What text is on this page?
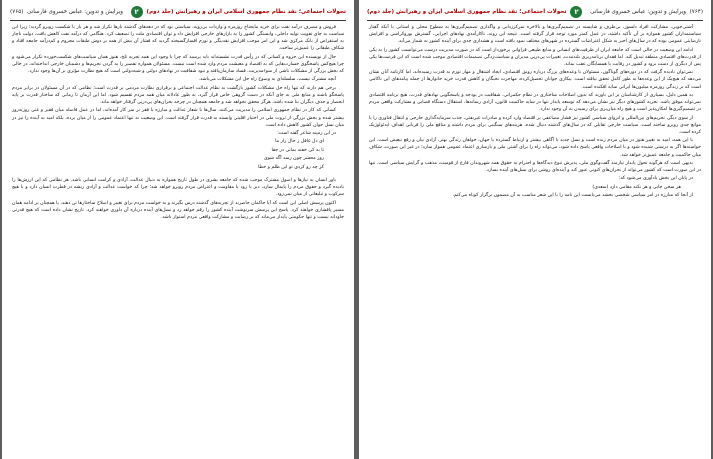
تحولات اجتماعی؛ نقد نظام جمهوری اسلامی ایران و رهبرانش (جلد دوم)
۲
ویرایش و تدوین: عباس خسروی فارسانی
(۷۶۵)

فروش و مصرف درآمد نفت برای خرید مایحتاج روزمره و واردات بی‌رویه، سیاستی بود که در دهه‌های گذشته بارها تکرار شد و هر بار با شکست روبرو گردید؛ زیرا این سیاست به جای تقویت تولید داخلی، وابستگی کشور را به بازارهای خارجی افزایش داد و توان اقتصادی ملت را تضعیف کرد. هنگامی که درآمد نفت کاهش یافت، دولت ناچار به استقراض از بانک مرکزی شد و این امر موجب افزایش نقدینگی و تورم افسارگسیخته گردید که فشار آن بیش از همه بر دوش طبقات محروم و کم‌درآمد جامعه افتاد و شکاف طبقاتی را عمیق‌تر ساخت.

حال از نویسنده این جزوه و کسانی که در رأس قدرت نشسته‌اند باید پرسید که چرا با وجود این همه تجربه تلخ، هنوز همان سیاست‌های شکست‌خورده تکرار می‌شود و چرا هیچ‌کس پاسخگوی خسارت‌هایی که به اقتصاد و معیشت مردم وارد شده است نیست. مسئولان همواره تقصیر را به گردن تحریم‌ها و دشمنان خارجی انداخته‌اند، در حالی که بخش بزرگی از مشکلات ناشی از سوءمدیریت، فساد سازمان‌یافته و نبود شفافیت در نهادهای دولتی و شبه‌دولتی است که هیچ نظارت مؤثری بر آن‌ها وجود ندارد.

آنچه مشترک نیست، سلسله‌ای به وضوح راه حل این مشکلات می‌باشد.

برخی هم دارند که تنها راه حل مشکلات کشور بازگشت به نظام عدالت اجتماعی و برقراری نظارت مردمی بر قدرت است؛ نظامی که در آن مسئولان در برابر مردم پاسخگو باشند و منابع ملی به جای آنکه در دست گروهی خاص قرار گیرد، به طور عادلانه میان همه مردم تقسیم شود. اما این آرمان تا زمانی که ساختار قدرت بر پایه انحصار و حذف دیگران بنا شده باشد، هرگز محقق نخواهد شد و جامعه همچنان در چرخه بحران‌های پی‌درپی گرفتار خواهد ماند.

کسانی که کار در نظام جمهوری اسلامی را مدیریت می‌کنند، سال‌ها با شعار عدالت و مبارزه با فقر بر سر کار آمده‌اند، اما در عمل فاصله میان فقیر و غنی روزبه‌روز بیشتر شده و بخش بزرگی از ثروت ملی در اختیار اقلیتی وابسته به قدرت قرار گرفته است. این وضعیت نه تنها اعتماد عمومی را از میان برده، بلکه امید به آینده را نیز در میان نسل جوان کشور کاهش داده است.

در این زمینه شاعر گفته است:

ای دل غافل ز حال زار ما

تا به کی خفته بمانی در جفا

روز محشر چون رسد آگه شوی

کز چه رو کردی تو این ظلم و خطا

باور انسان به نیازها و اصول مشترک موجب شده که جامعه بشری در طول تاریخ همواره به دنبال عدالت، آزادی و کرامت انسانی باشد. هر نظامی که این ارزش‌ها را نادیده گیرد و حقوق مردم را پایمال سازد، دیر یا زود با مقاومت و اعتراض مردم روبرو خواهد شد؛ چرا که خواست عدالت و آزادی ریشه در فطرت انسان دارد و با هیچ سرکوب و تبلیغاتی از میان نمی‌رود.

اکنون پرسش اصلی این است که آیا حاکمان حاضرند از تجربه‌های گذشته درس بگیرند و به خواست مردم برای تغییر و اصلاح ساختارها تن دهند، یا همچنان بر ادامه همان مسیر پافشاری خواهند کرد. پاسخ این پرسش سرنوشت آینده کشور را رقم خواهد زد و نسل‌های آینده درباره آن داوری خواهند کرد. تاریخ نشان داده است که هیچ قدرتی جاودانه نیست و تنها حکومتی پایدار می‌ماند که بر رضایت و مشارکت واقعی مردم استوار باشد.

(۷۶۴)
ویرایش و تدوین: عباس خسروی فارسانی
۲
تحولات اجتماعی؛ نقد نظام جمهوری اسلامی ایران و رهبرانش (جلد دوم)

آشتی‌جویی، مشارکت افراد دلسوز، بی‌طرف و شایسته در تصمیم‌گیری‌ها و بالاخره تمرکززدایی و واگذاری تصمیم‌گیری‌ها به سطوح محلی و استانی با آنکه گفتار سیاستمداران کشور همواره بر آن تأکید داشته، در عمل کمتر مورد توجه قرار گرفته است. نتیجه این روند، ناکارآمدی نهادهای اجرایی، گسترش بوروکراسی و افزایش نارضایتی عمومی بوده که در سال‌های اخیر به شکل اعتراضات گسترده در شهرهای مختلف نمود یافته است و هشداری جدی برای آینده کشور به شمار می‌آید.

ادامه این وضعیت در حالی است که جامعه ایران از ظرفیت‌های انسانی و منابع طبیعی فراوانی برخوردار است که در صورت مدیریت درست می‌توانست کشور را به یکی از قدرت‌های اقتصادی منطقه تبدیل کند. اما فقدان برنامه‌ریزی بلندمدت، تغییرات پی‌درپی مدیران و سیاست‌زدگی تصمیمات اقتصادی موجب شده است که این فرصت‌ها یکی پس از دیگری از دست برود و کشور در رقابت با همسایگان عقب بماند.

نمی‌توان نادیده گرفت که در دوره‌های گوناگون، مسئولان با وعده‌های بزرگ درباره رونق اقتصادی، ایجاد اشتغال و مهار تورم به قدرت رسیده‌اند، اما کارنامه آنان نشان می‌دهد که هیچ‌یک از این وعده‌ها به طور کامل تحقق نیافته است. بیکاری جوانان تحصیل‌کرده، مهاجرت نخبگان و کاهش قدرت خرید خانوارها از جمله پیامدهای این ناکامی است که بر زندگی روزمره میلیون‌ها ایرانی سایه افکنده است.

به همین دلیل، بسیاری از کارشناسان بر این باورند که بدون اصلاحات ساختاری در نظام حکمرانی، شفافیت در بودجه و پاسخگویی نهادهای قدرت، هیچ برنامه اقتصادی نمی‌تواند موفق باشد. تجربه کشورهای دیگر نیز نشان می‌دهد که توسعه پایدار تنها در سایه حاکمیت قانون، آزادی رسانه‌ها، استقلال دستگاه قضایی و مشارکت واقعی مردم در تصمیم‌گیری‌ها امکان‌پذیر است و هیچ راه میان‌بری برای رسیدن به آن وجود ندارد.

از سوی دیگر، تحریم‌های بین‌المللی و انزوای سیاسی کشور نیز فشار مضاعفی بر اقتصاد وارد کرده و صادرات غیرنفتی، جذب سرمایه‌گذاری خارجی و انتقال فناوری را با موانع جدی روبرو ساخته است. سیاست خارجی تقابلی که در سال‌های گذشته دنبال شده، هزینه‌های سنگینی برای مردم داشته و منافع ملی را قربانی اهداف ایدئولوژیک کرده است.

با این همه، امید به تغییر هنوز در میان مردم زنده است و نسل جدید با آگاهی بیشتر و ارتباط گسترده با جهان، خواهان زندگی بهتر، آزادی بیان و رفع تبعیض است. این خواسته‌ها اگر به درستی شنیده شود و با اصلاحات واقعی پاسخ داده شود، می‌تواند راه را برای آشتی ملی و بازسازی اعتماد عمومی هموار سازد؛ در غیر این صورت، شکاف میان حاکمیت و جامعه عمیق‌تر خواهد شد.

بدیهی است که هرگونه تحول پایدار نیازمند گفت‌وگوی ملی، پذیرش تنوع دیدگاه‌ها و احترام به حقوق همه شهروندان فارغ از قومیت، مذهب و گرایش سیاسی است. تنها در این صورت است که کشور می‌تواند از بحران‌های کنونی عبور کند و آینده‌ای روشن برای نسل‌های آینده بسازد.

در پایان این بخش یادآوری می‌شود که:

هر سخن جایی و هر نکته مقامی دارد (سعدی)

از آنجا که مبارزه در امر سیاسی شخصی بخشد می‌بایست این نامه را با این شعر مناسب به آن مضمون برگزار کوتاه می‌کنم.
